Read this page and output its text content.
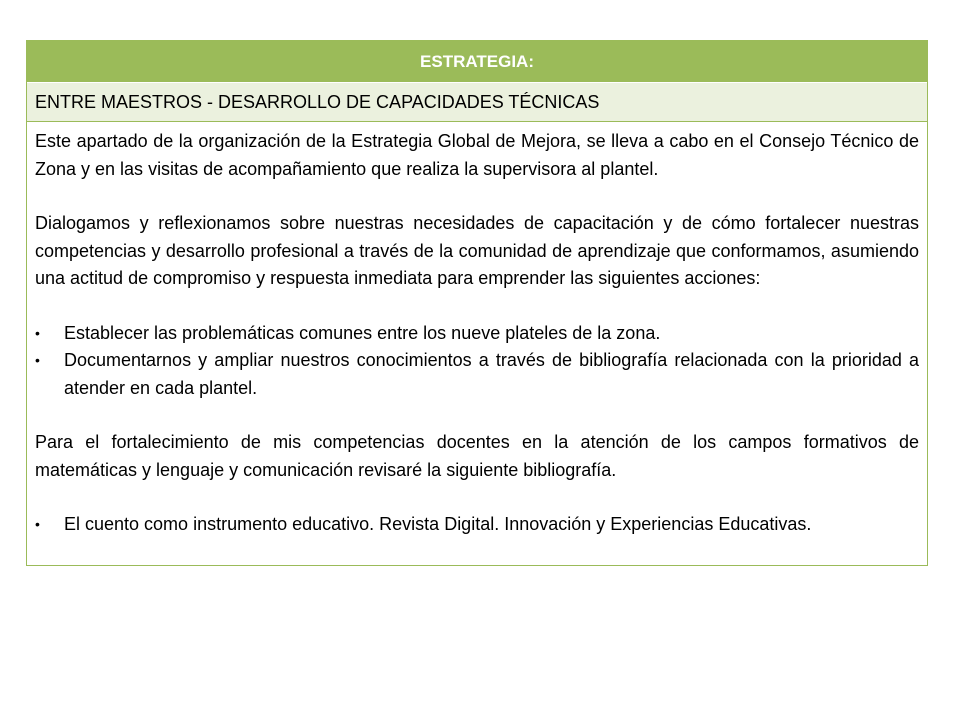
ESTRATEGIA:
ENTRE MAESTROS - DESARROLLO DE CAPACIDADES TÉCNICAS

Este apartado de la organización de la Estrategia Global de Mejora, se lleva a cabo en el Consejo Técnico de Zona y en las visitas de acompañamiento que realiza la supervisora al plantel.

Dialogamos y reflexionamos sobre nuestras necesidades de capacitación y de cómo fortalecer nuestras competencias y desarrollo profesional a través de la comunidad de aprendizaje que conformamos, asumiendo una actitud de compromiso y respuesta inmediata para emprender las siguientes acciones:

• Establecer las problemáticas comunes entre los nueve plateles de la zona.
• Documentarnos y ampliar nuestros conocimientos a través de bibliografía relacionada con la prioridad a atender en cada plantel.

Para el fortalecimiento de mis competencias docentes en la atención de los campos formativos de matemáticas y lenguaje y comunicación revisaré la siguiente bibliografía.

• El cuento como instrumento educativo. Revista Digital. Innovación y Experiencias Educativas.
